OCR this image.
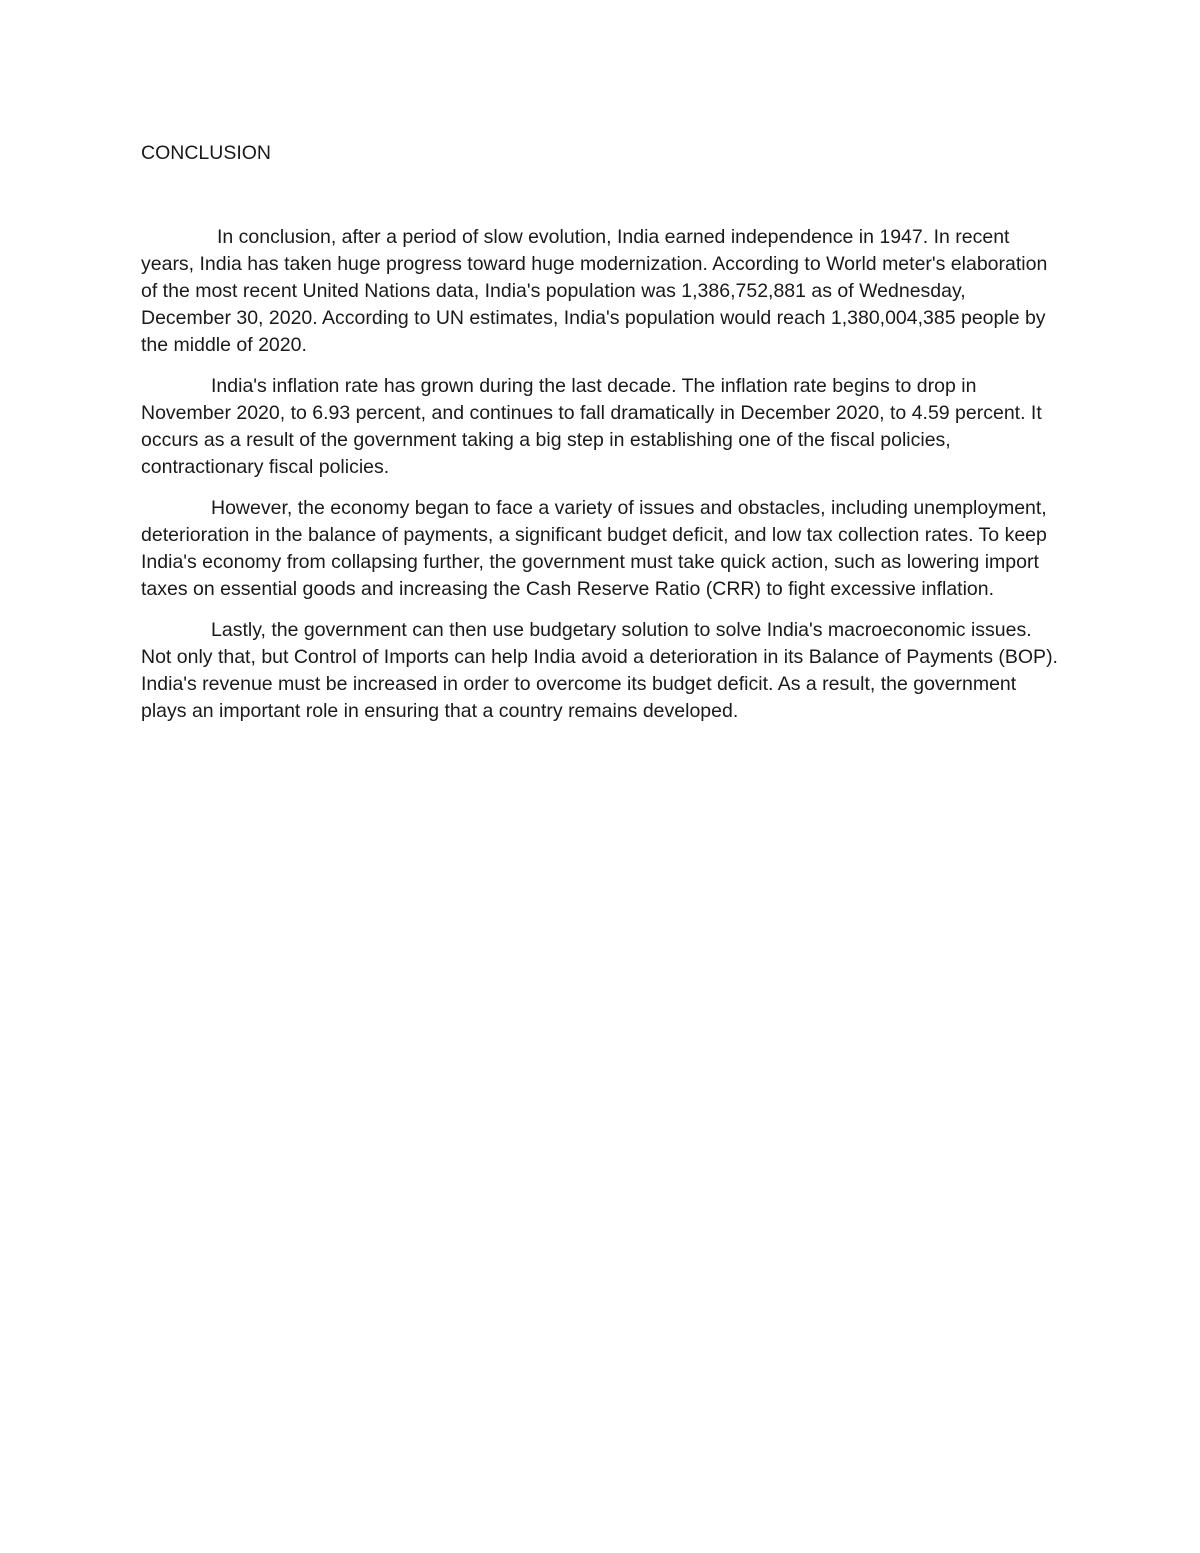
CONCLUSION

In conclusion, after a period of slow evolution, India earned independence in 1947. In recent years, India has taken huge progress toward huge modernization. According to World meter's elaboration of the most recent United Nations data, India's population was 1,386,752,881 as of Wednesday, December 30, 2020. According to UN estimates, India's population would reach 1,380,004,385 people by the middle of 2020.

India's inflation rate has grown during the last decade. The inflation rate begins to drop in November 2020, to 6.93 percent, and continues to fall dramatically in December 2020, to 4.59 percent. It occurs as a result of the government taking a big step in establishing one of the fiscal policies, contractionary fiscal policies.

However, the economy began to face a variety of issues and obstacles, including unemployment, deterioration in the balance of payments, a significant budget deficit, and low tax collection rates. To keep India's economy from collapsing further, the government must take quick action, such as lowering import taxes on essential goods and increasing the Cash Reserve Ratio (CRR) to fight excessive inflation.

Lastly, the government can then use budgetary solution to solve India's macroeconomic issues. Not only that, but Control of Imports can help India avoid a deterioration in its Balance of Payments (BOP). India's revenue must be increased in order to overcome its budget deficit. As a result, the government plays an important role in ensuring that a country remains developed.
